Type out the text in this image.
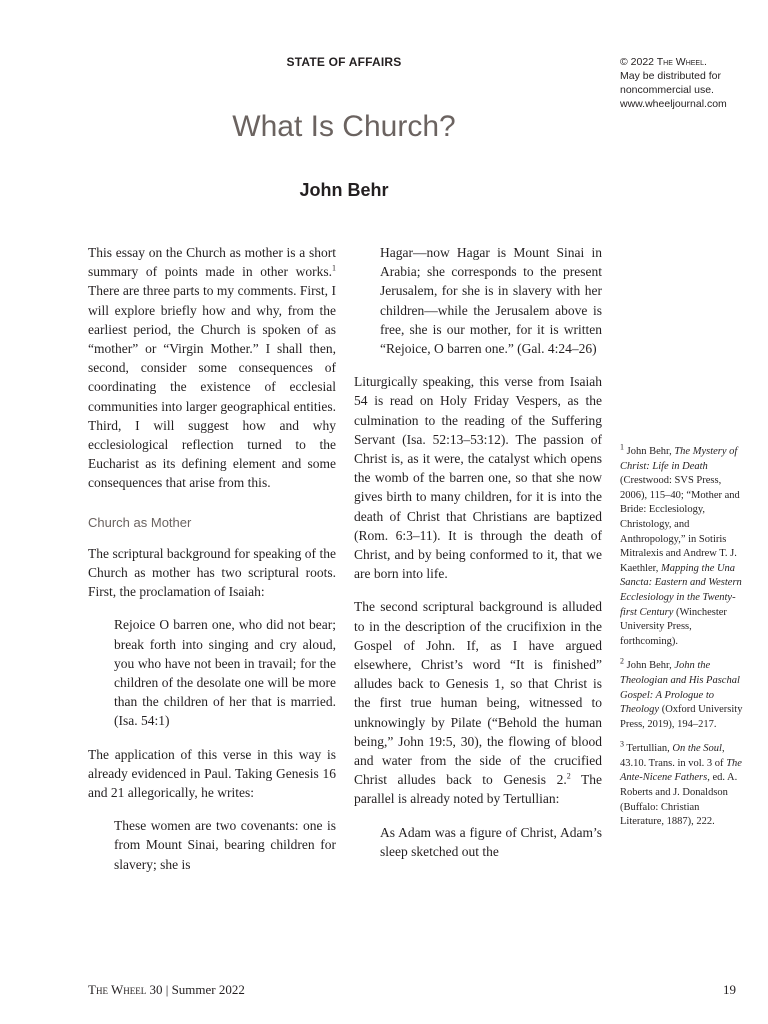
STATE OF AFFAIRS	© 2022 The Wheel.
May be distributed for
noncommercial use.
www.wheeljournal.com
What Is Church?
John Behr

This essay on the Church as mother is a short summary of points made in other works.$^1$ There are three parts to my comments. First, I will explore briefly how and why, from the earliest period, the Church is spoken of as “mother” or “Virgin Mother.” I shall then, second, consider some consequences of coordinating the existence of ecclesial communities into larger geographical entities. Third, I will suggest how and why ecclesiological reflection turned to the Eucharist as its defining element and some consequences that arise from this.

Church as Mother

The scriptural background for speaking of the Church as mother has two scriptural roots. First, the proclamation of Isaiah:

Rejoice O barren one, who did not bear; break forth into singing and cry aloud, you who have not been in travail; for the children of the desolate one will be more than the children of her that is married. (Isa. 54:1)

The application of this verse in this way is already evidenced in Paul. Taking Genesis 16 and 21 allegorically, he writes:

These women are two covenants: one is from Mount Sinai, bearing children for slavery; she is
Hagar—now Hagar is Mount Sinai in Arabia; she corresponds to the present Jerusalem, for she is in slavery with her children—while the Jerusalem above is free, she is our mother, for it is written “Rejoice, O barren one.” (Gal. 4:24–26)

Liturgically speaking, this verse from Isaiah 54 is read on Holy Friday Vespers, as the culmination to the reading of the Suffering Servant (Isa. 52:13–53:12). The passion of Christ is, as it were, the catalyst which opens the womb of the barren one, so that she now gives birth to many children, for it is into the death of Christ that Christians are baptized (Rom. 6:3–11). It is through the death of Christ, and by being conformed to it, that we are born into life.

The second scriptural background is alluded to in the description of the crucifixion in the Gospel of John. If, as I have argued elsewhere, Christ’s word “It is finished” alludes back to Genesis 1, so that Christ is the first true human being, witnessed to unknowingly by Pilate (“Behold the human being,” John 19:5, 30), the flowing of blood and water from the side of the crucified Christ alludes back to Genesis 2.$^2$ The parallel is already noted by Tertullian:

As Adam was a figure of Christ, Adam’s sleep sketched out the

$^1$ John Behr, The Mystery of Christ: Life in Death (Crestwood: SVS Press, 2006), 115–40; “Mother and Bride: Ecclesiology, Christology, and Anthropology,” in Sotiris Mitralexis and Andrew T. J. Kaethler, Mapping the Una Sancta: Eastern and Western Ecclesiology in the Twenty-first Century (Winchester University Press, forthcoming).

$^2$ John Behr, John the Theologian and His Paschal Gospel: A Prologue to Theology (Oxford University Press, 2019), 194–217.

$^3$ Tertullian, On the Soul, 43.10. Trans. in vol. 3 of The Ante-Nicene Fathers, ed. A. Roberts and J. Donaldson (Buffalo: Christian Literature, 1887), 222.

The Wheel 30 | Summer 2022	19
